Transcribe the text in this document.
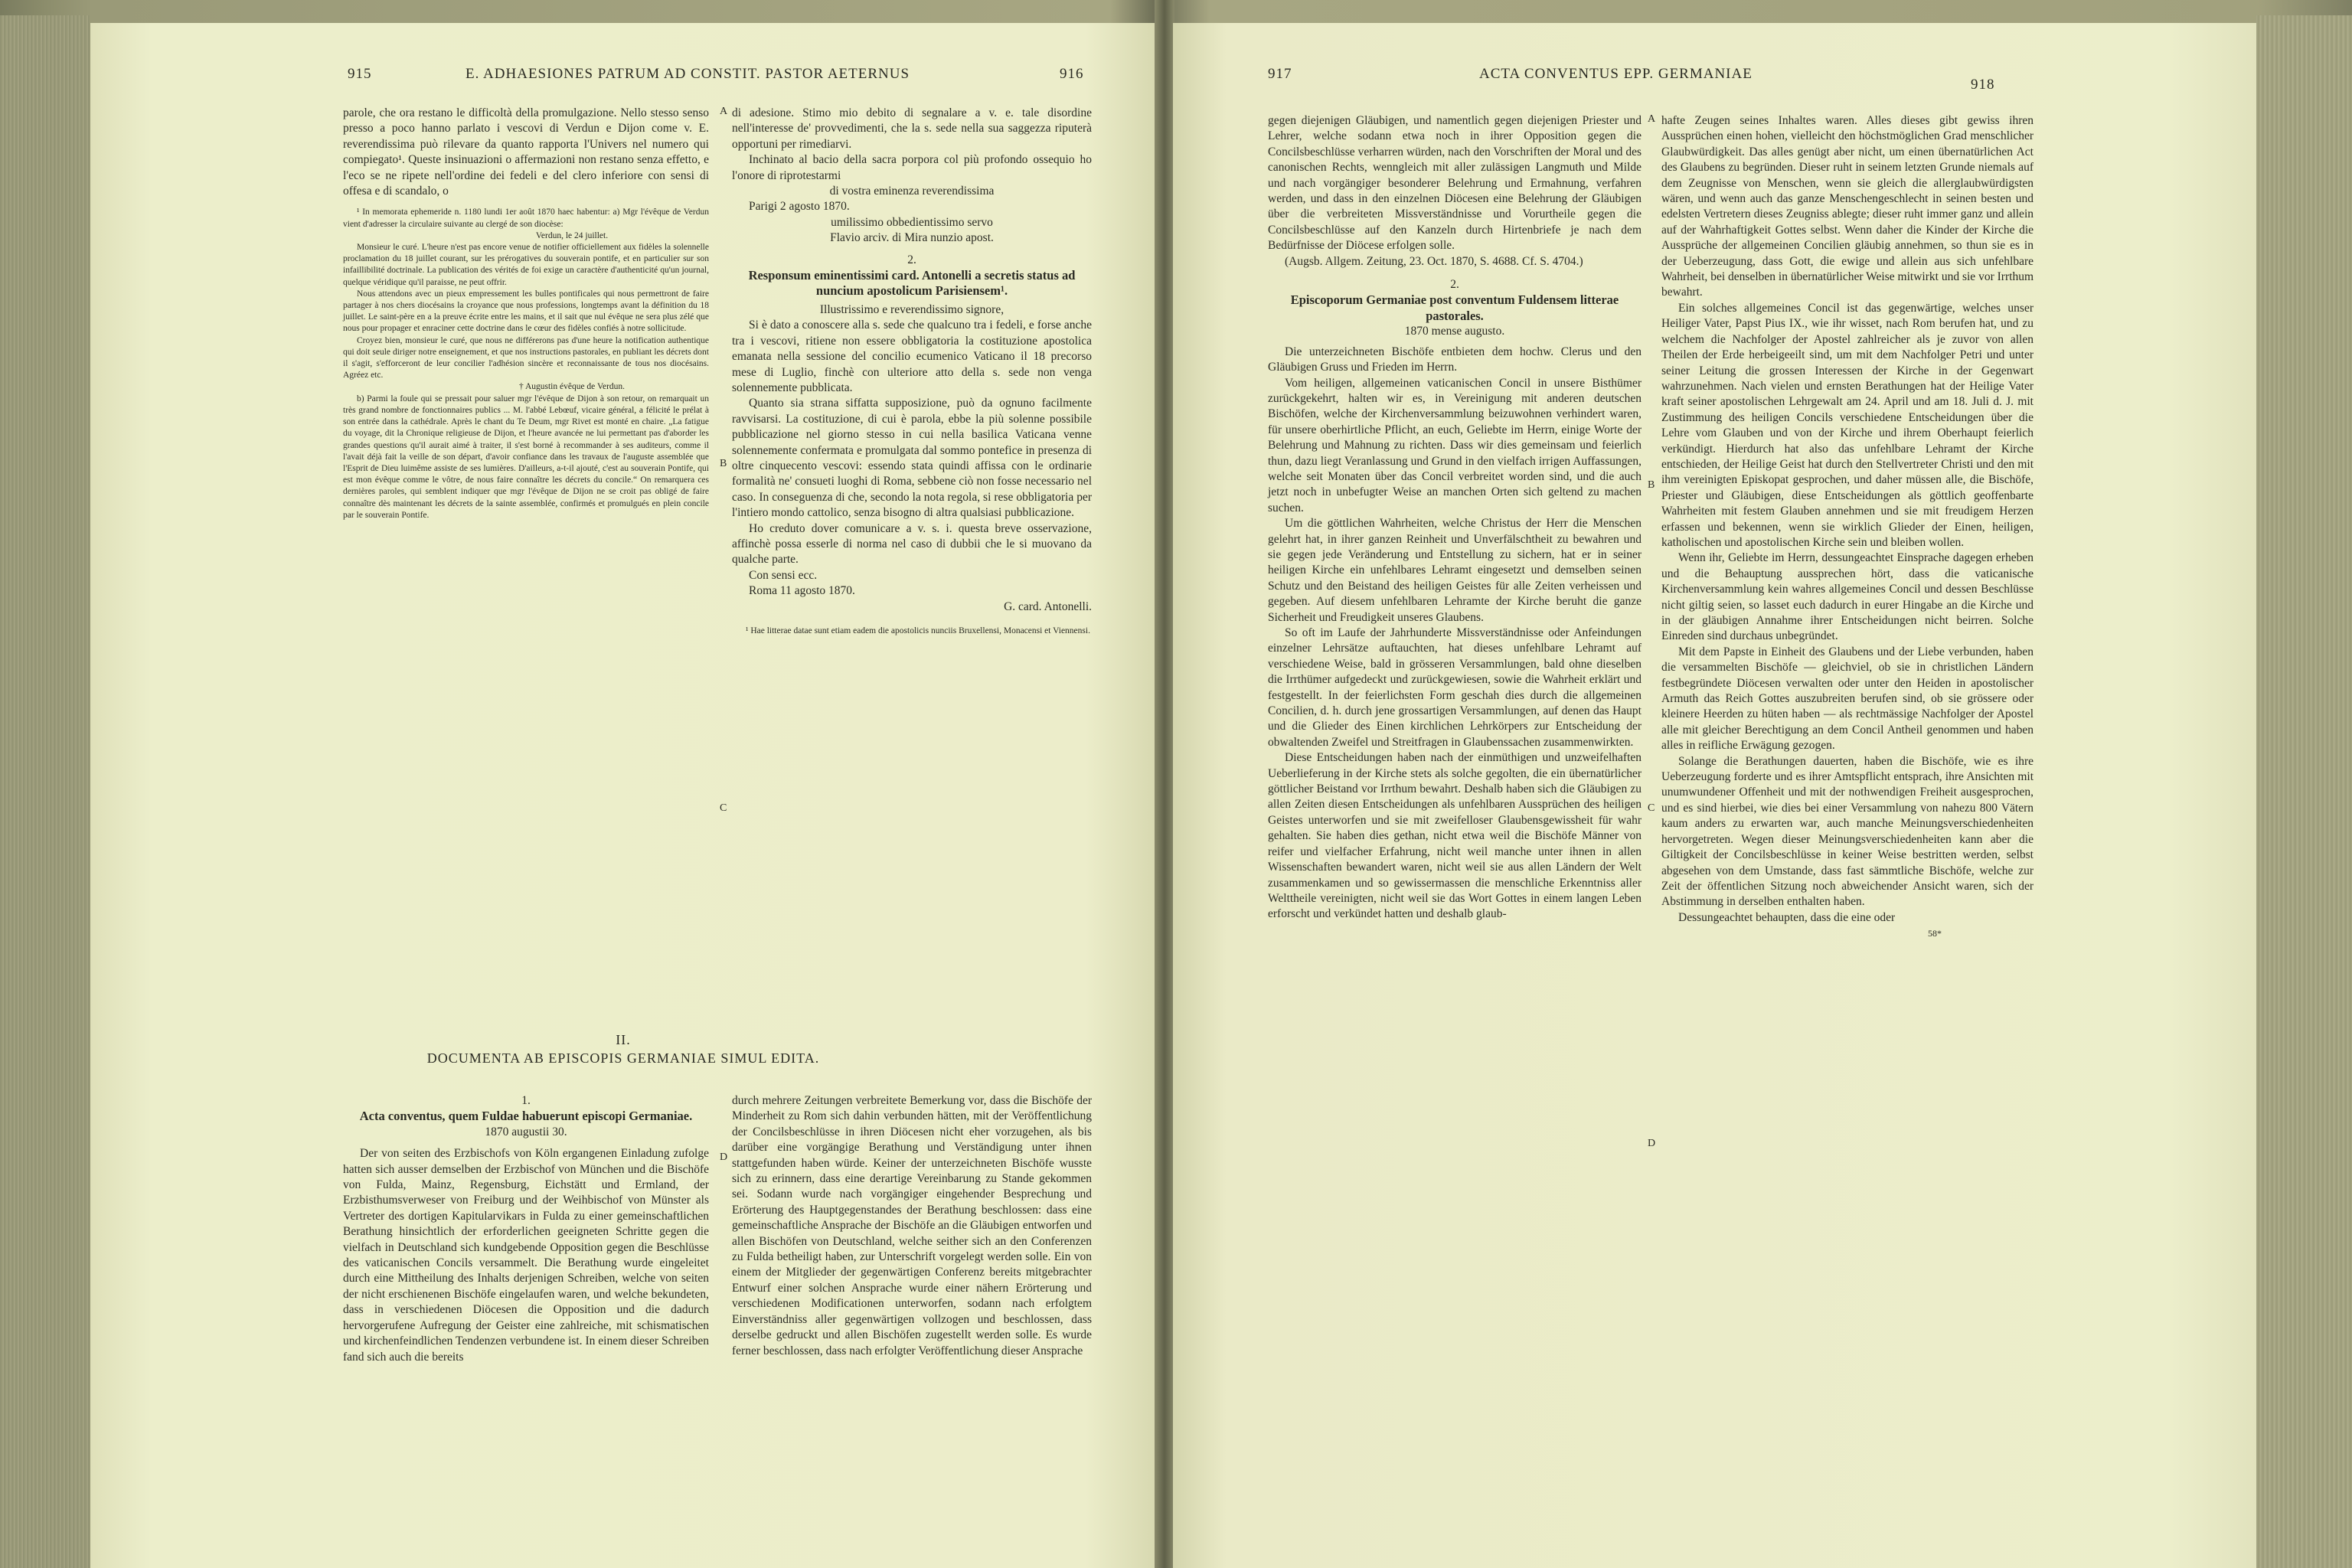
915	E. ADHAESIONES PATRUM AD CONSTIT. PASTOR AETERNUS	916

parole, che ora restano le difficoltà della promulgazione. Nello stesso senso presso a poco hanno parlato i vescovi di Verdun e Dijon come v. E. reverendissima può rilevare da quanto rapporta l'Univers nel numero qui compiegato¹. Queste insinuazioni o affermazioni non restano senza effetto, e l'eco se ne ripete nell'ordine dei fedeli e del clero inferiore con sensi di offesa e di scandalo, o

¹ In memorata ephemeride n. 1180 lundi 1er août 1870 haec habentur: a) Mgr l'évêque de Verdun vient d'adresser la circulaire suivante au clergé de son diocèse:

Verdun, le 24 juillet.

Monsieur le curé. L'heure n'est pas encore venue de notifier officiellement aux fidèles la solennelle proclamation du 18 juillet courant, sur les prérogatives du souverain pontife, et en particulier sur son infaillibilité doctrinale. La publication des vérités de foi exige un caractère d'authenticité qu'un journal, quelque véridique qu'il paraisse, ne peut offrir.

Nous attendons avec un pieux empressement les bulles pontificales qui nous permettront de faire partager à nos chers diocésains la croyance que nous professions, longtemps avant la définition du 18 juillet. Le saint-père en a la preuve écrite entre les mains, et il sait que nul évêque ne sera plus zélé que nous pour propager et enraciner cette doctrine dans le cœur des fidèles confiés à notre sollicitude.

Croyez bien, monsieur le curé, que nous ne différerons pas d'une heure la notification authentique qui doit seule diriger notre enseignement, et que nos instructions pastorales, en publiant les décrets dont il s'agit, s'efforceront de leur concilier l'adhésion sincère et reconnaissante de tous nos diocésains. Agréez etc.

† Augustin évêque de Verdun.

b) Parmi la foule qui se pressait pour saluer mgr l'évêque de Dijon à son retour, on remarquait un très grand nombre de fonctionnaires publics ... M. l'abbé Lebœuf, vicaire général, a félicité le prélat à son entrée dans la cathédrale. Après le chant du Te Deum, mgr Rivet est monté en chaire. „La fatigue du voyage, dit la Chronique religieuse de Dijon, et l'heure avancée ne lui permettant pas d'aborder les grandes questions qu'il aurait aimé à traiter, il s'est borné à recommander à ses auditeurs, comme il l'avait déjà fait la veille de son départ, d'avoir confiance dans les travaux de l'auguste assemblée que l'Esprit de Dieu luimême assiste de ses lumières. D'ailleurs, a-t-il ajouté, c'est au souverain Pontife, qui est mon évêque comme le vôtre, de nous faire connaître les décrets du concile.“ On remarquera ces dernières paroles, qui semblent indiquer que mgr l'évêque de Dijon ne se croit pas obligé de faire connaître dès maintenant les décrets de la sainte assemblée, confirmés et promulgués en plein concile par le souverain Pontife.

A
B
C
D

di adesione. Stimo mio debito di segnalare a v. e. tale disordine nell'interesse de' provvedimenti, che la s. sede nella sua saggezza riputerà opportuni per rimediarvi.

Inchinato al bacio della sacra porpora col più profondo ossequio ho l'onore di riprotestarmi

di vostra eminenza reverendissima

Parigi 2 agosto 1870.

umilissimo obbedientissimo servo

Flavio arciv. di Mira nunzio apost.

2.

Responsum eminentissimi card. Antonelli a secretis status ad nuncium apostolicum Parisiensem¹.

Illustrissimo e reverendissimo signore,

Si è dato a conoscere alla s. sede che qualcuno tra i fedeli, e forse anche tra i vescovi, ritiene non essere obbligatoria la costituzione apostolica emanata nella sessione del concilio ecumenico Vaticano il 18 precorso mese di Luglio, finchè con ulteriore atto della s. sede non venga solennemente pubblicata.

Quanto sia strana siffatta supposizione, può da ognuno facilmente ravvisarsi. La costituzione, di cui è parola, ebbe la più solenne possibile pubblicazione nel giorno stesso in cui nella basilica Vaticana venne solennemente confermata e promulgata dal sommo pontefice in presenza di oltre cinquecento vescovi: essendo stata quindi affissa con le ordinarie formalità ne' consueti luoghi di Roma, sebbene ciò non fosse necessario nel caso. In conseguenza di che, secondo la nota regola, si rese obbligatoria per l'intiero mondo cattolico, senza bisogno di altra qualsiasi pubblicazione.

Ho creduto dover comunicare a v. s. i. questa breve osservazione, affinchè possa esserle di norma nel caso di dubbii che le si muovano da qualche parte.

Con sensi ecc.

Roma 11 agosto 1870.

G. card. Antonelli.

¹ Hae litterae datae sunt etiam eadem die apostolicis nunciis Bruxellensi, Monacensi et Viennensi.

II.
DOCUMENTA AB EPISCOPIS GERMANIAE SIMUL EDITA.

1.

Acta conventus, quem Fuldae habuerunt episcopi Germaniae.

1870 augustii 30.

Der von seiten des Erzbischofs von Köln ergangenen Einladung zufolge hatten sich ausser demselben der Erzbischof von München und die Bischöfe von Fulda, Mainz, Regensburg, Eichstätt und Ermland, der Erzbisthumsverweser von Freiburg und der Weihbischof von Münster als Vertreter des dortigen Kapitularvikars in Fulda zu einer gemeinschaftlichen Berathung hinsichtlich der erforderlichen geeigneten Schritte gegen die vielfach in Deutschland sich kundgebende Opposition gegen die Beschlüsse des vaticanischen Concils versammelt. Die Berathung wurde eingeleitet durch eine Mittheilung des Inhalts derjenigen Schreiben, welche von seiten der nicht erschienenen Bischöfe eingelaufen waren, und welche bekundeten, dass in verschiedenen Diöcesen die Opposition und die dadurch hervorgerufene Aufregung der Geister eine zahlreiche, mit schismatischen und kirchenfeindlichen Tendenzen verbundene ist. In einem dieser Schreiben fand sich auch die bereits

durch mehrere Zeitungen verbreitete Bemerkung vor, dass die Bischöfe der Minderheit zu Rom sich dahin verbunden hätten, mit der Veröffentlichung der Concilsbeschlüsse in ihren Diöcesen nicht eher vorzugehen, als bis darüber eine vorgängige Berathung und Verständigung unter ihnen stattgefunden haben würde. Keiner der unterzeichneten Bischöfe wusste sich zu erinnern, dass eine derartige Vereinbarung zu Stande gekommen sei. Sodann wurde nach vorgängiger eingehender Besprechung und Erörterung des Hauptgegenstandes der Berathung beschlossen: dass eine gemeinschaftliche Ansprache der Bischöfe an die Gläubigen entworfen und allen Bischöfen von Deutschland, welche seither sich an den Conferenzen zu Fulda betheiligt haben, zur Unterschrift vorgelegt werden solle. Ein von einem der Mitglieder der gegenwärtigen Conferenz bereits mitgebrachter Entwurf einer solchen Ansprache wurde einer nähern Erörterung und verschiedenen Modificationen unterworfen, sodann nach erfolgtem Einverständniss aller gegenwärtigen vollzogen und beschlossen, dass derselbe gedruckt und allen Bischöfen zugestellt werden solle. Es wurde ferner beschlossen, dass nach erfolgter Veröffentlichung dieser Ansprache

917	ACTA CONVENTUS EPP. GERMANIAE
918

gegen diejenigen Gläubigen, und namentlich gegen diejenigen Priester und Lehrer, welche sodann etwa noch in ihrer Opposition gegen die Concilsbeschlüsse verharren würden, nach den Vorschriften der Moral und des canonischen Rechts, wenngleich mit aller zulässigen Langmuth und Milde und nach vorgängiger besonderer Belehrung und Ermahnung, verfahren werden, und dass in den einzelnen Diöcesen eine Belehrung der Gläubigen über die verbreiteten Missverständnisse und Vorurtheile gegen die Concilsbeschlüsse auf den Kanzeln durch Hirtenbriefe je nach dem Bedürfnisse der Diöcese erfolgen solle.

(Augsb. Allgem. Zeitung, 23. Oct. 1870, S. 4688. Cf. S. 4704.)

2.

Episcoporum Germaniae post conventum Fuldensem litterae pastorales.

1870 mense augusto.

Die unterzeichneten Bischöfe entbieten dem hochw. Clerus und den Gläubigen Gruss und Frieden im Herrn.

Vom heiligen, allgemeinen vaticanischen Concil in unsere Bisthümer zurückgekehrt, halten wir es, in Vereinigung mit anderen deutschen Bischöfen, welche der Kirchenversammlung beizuwohnen verhindert waren, für unsere oberhirtliche Pflicht, an euch, Geliebte im Herrn, einige Worte der Belehrung und Mahnung zu richten. Dass wir dies gemeinsam und feierlich thun, dazu liegt Veranlassung und Grund in den vielfach irrigen Auffassungen, welche seit Monaten über das Concil verbreitet worden sind, und die auch jetzt noch in unbefugter Weise an manchen Orten sich geltend zu machen suchen.

Um die göttlichen Wahrheiten, welche Christus der Herr die Menschen gelehrt hat, in ihrer ganzen Reinheit und Unverfälschtheit zu bewahren und sie gegen jede Veränderung und Entstellung zu sichern, hat er in seiner heiligen Kirche ein unfehlbares Lehramt eingesetzt und demselben seinen Schutz und den Beistand des heiligen Geistes für alle Zeiten verheissen und gegeben. Auf diesem unfehlbaren Lehramte der Kirche beruht die ganze Sicherheit und Freudigkeit unseres Glaubens.

So oft im Laufe der Jahrhunderte Missverständnisse oder Anfeindungen einzelner Lehrsätze auftauchten, hat dieses unfehlbare Lehramt auf verschiedene Weise, bald in grösseren Versammlungen, bald ohne dieselben die Irrthümer aufgedeckt und zurückgewiesen, sowie die Wahrheit erklärt und festgestellt. In der feierlichsten Form geschah dies durch die allgemeinen Concilien, d. h. durch jene grossartigen Versammlungen, auf denen das Haupt und die Glieder des Einen kirchlichen Lehrkörpers zur Entscheidung der obwaltenden Zweifel und Streitfragen in Glaubenssachen zusammenwirkten.

Diese Entscheidungen haben nach der einmüthigen und unzweifelhaften Ueberlieferung in der Kirche stets als solche gegolten, die ein übernatürlicher göttlicher Beistand vor Irrthum bewahrt. Deshalb haben sich die Gläubigen zu allen Zeiten diesen Entscheidungen als unfehlbaren Aussprüchen des heiligen Geistes unterworfen und sie mit zweifelloser Glaubensgewissheit für wahr gehalten. Sie haben dies gethan, nicht etwa weil die Bischöfe Männer von reifer und vielfacher Erfahrung, nicht weil manche unter ihnen in allen Wissenschaften bewandert waren, nicht weil sie aus allen Ländern der Welt zusammenkamen und so gewissermassen die menschliche Erkenntniss aller Welttheile vereinigten, nicht weil sie das Wort Gottes in einem langen Leben erforscht und verkündet hatten und deshalb glaub-

A
B
C
D

hafte Zeugen seines Inhaltes waren. Alles dieses gibt gewiss ihren Aussprüchen einen hohen, vielleicht den höchstmöglichen Grad menschlicher Glaubwürdigkeit. Das alles genügt aber nicht, um einen übernatürlichen Act des Glaubens zu begründen. Dieser ruht in seinem letzten Grunde niemals auf dem Zeugnisse von Menschen, wenn sie gleich die allerglaubwürdigsten wären, und wenn auch das ganze Menschengeschlecht in seinen besten und edelsten Vertretern dieses Zeugniss ablegte; dieser ruht immer ganz und allein auf der Wahrhaftigkeit Gottes selbst. Wenn daher die Kinder der Kirche die Aussprüche der allgemeinen Concilien gläubig annehmen, so thun sie es in der Ueberzeugung, dass Gott, die ewige und allein aus sich unfehlbare Wahrheit, bei denselben in übernatürlicher Weise mitwirkt und sie vor Irrthum bewahrt.

Ein solches allgemeines Concil ist das gegenwärtige, welches unser Heiliger Vater, Papst Pius IX., wie ihr wisset, nach Rom berufen hat, und zu welchem die Nachfolger der Apostel zahlreicher als je zuvor von allen Theilen der Erde herbeigeeilt sind, um mit dem Nachfolger Petri und unter seiner Leitung die grossen Interessen der Kirche in der Gegenwart wahrzunehmen. Nach vielen und ernsten Berathungen hat der Heilige Vater kraft seiner apostolischen Lehrgewalt am 24. April und am 18. Juli d. J. mit Zustimmung des heiligen Concils verschiedene Entscheidungen über die Lehre vom Glauben und von der Kirche und ihrem Oberhaupt feierlich verkündigt. Hierdurch hat also das unfehlbare Lehramt der Kirche entschieden, der Heilige Geist hat durch den Stellvertreter Christi und den mit ihm vereinigten Episkopat gesprochen, und daher müssen alle, die Bischöfe, Priester und Gläubigen, diese Entscheidungen als göttlich geoffenbarte Wahrheiten mit festem Glauben annehmen und sie mit freudigem Herzen erfassen und bekennen, wenn sie wirklich Glieder der Einen, heiligen, katholischen und apostolischen Kirche sein und bleiben wollen.

Wenn ihr, Geliebte im Herrn, dessungeachtet Einsprache dagegen erheben und die Behauptung aussprechen hört, dass die vaticanische Kirchenversammlung kein wahres allgemeines Concil und dessen Beschlüsse nicht giltig seien, so lasset euch dadurch in eurer Hingabe an die Kirche und in der gläubigen Annahme ihrer Entscheidungen nicht beirren. Solche Einreden sind durchaus unbegründet.

Mit dem Papste in Einheit des Glaubens und der Liebe verbunden, haben die versammelten Bischöfe — gleichviel, ob sie in christlichen Ländern festbegründete Diöcesen verwalten oder unter den Heiden in apostolischer Armuth das Reich Gottes auszubreiten berufen sind, ob sie grössere oder kleinere Heerden zu hüten haben — als rechtmässige Nachfolger der Apostel alle mit gleicher Berechtigung an dem Concil Antheil genommen und haben alles in reifliche Erwägung gezogen.

Solange die Berathungen dauerten, haben die Bischöfe, wie es ihre Ueberzeugung forderte und es ihrer Amtspflicht entsprach, ihre Ansichten mit unumwundener Offenheit und mit der nothwendigen Freiheit ausgesprochen, und es sind hierbei, wie dies bei einer Versammlung von nahezu 800 Vätern kaum anders zu erwarten war, auch manche Meinungsverschiedenheiten hervorgetreten. Wegen dieser Meinungsverschiedenheiten kann aber die Giltigkeit der Concilsbeschlüsse in keiner Weise bestritten werden, selbst abgesehen von dem Umstande, dass fast sämmtliche Bischöfe, welche zur Zeit der öffentlichen Sitzung noch abweichender Ansicht waren, sich der Abstimmung in derselben enthalten haben.

Dessungeachtet behaupten, dass die eine oder

58*
